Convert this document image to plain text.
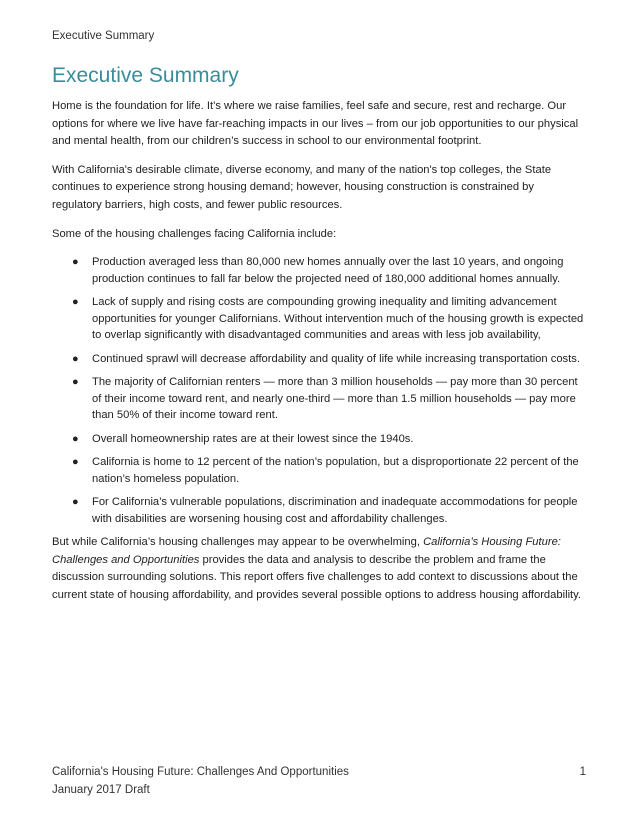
Executive Summary
Executive Summary

Home is the foundation for life. It’s where we raise families, feel safe and secure, rest and recharge. Our options for where we live have far-reaching impacts in our lives – from our job opportunities to our physical and mental health, from our children’s success in school to our environmental footprint.

With California's desirable climate, diverse economy, and many of the nation's top colleges, the State continues to experience strong housing demand; however, housing construction is constrained by regulatory barriers, high costs, and fewer public resources.

Some of the housing challenges facing California include:

● Production averaged less than 80,000 new homes annually over the last 10 years, and ongoing production continues to fall far below the projected need of 180,000 additional homes annually.
● Lack of supply and rising costs are compounding growing inequality and limiting advancement opportunities for younger Californians. Without intervention much of the housing growth is expected to overlap significantly with disadvantaged communities and areas with less job availability,
● Continued sprawl will decrease affordability and quality of life while increasing transportation costs.
● The majority of Californian renters — more than 3 million households — pay more than 30 percent of their income toward rent, and nearly one-third — more than 1.5 million households — pay more than 50% of their income toward rent.
● Overall homeownership rates are at their lowest since the 1940s.
● California is home to 12 percent of the nation’s population, but a disproportionate 22 percent of the nation’s homeless population.
● For California’s vulnerable populations, discrimination and inadequate accommodations for people with disabilities are worsening housing cost and affordability challenges.

But while California’s housing challenges may appear to be overwhelming, California’s Housing Future: Challenges and Opportunities provides the data and analysis to describe the problem and frame the discussion surrounding solutions. This report offers five challenges to add context to discussions about the current state of housing affordability, and provides several possible options to address housing affordability.

California's Housing Future: Challenges And Opportunities	1
January 2017 Draft
